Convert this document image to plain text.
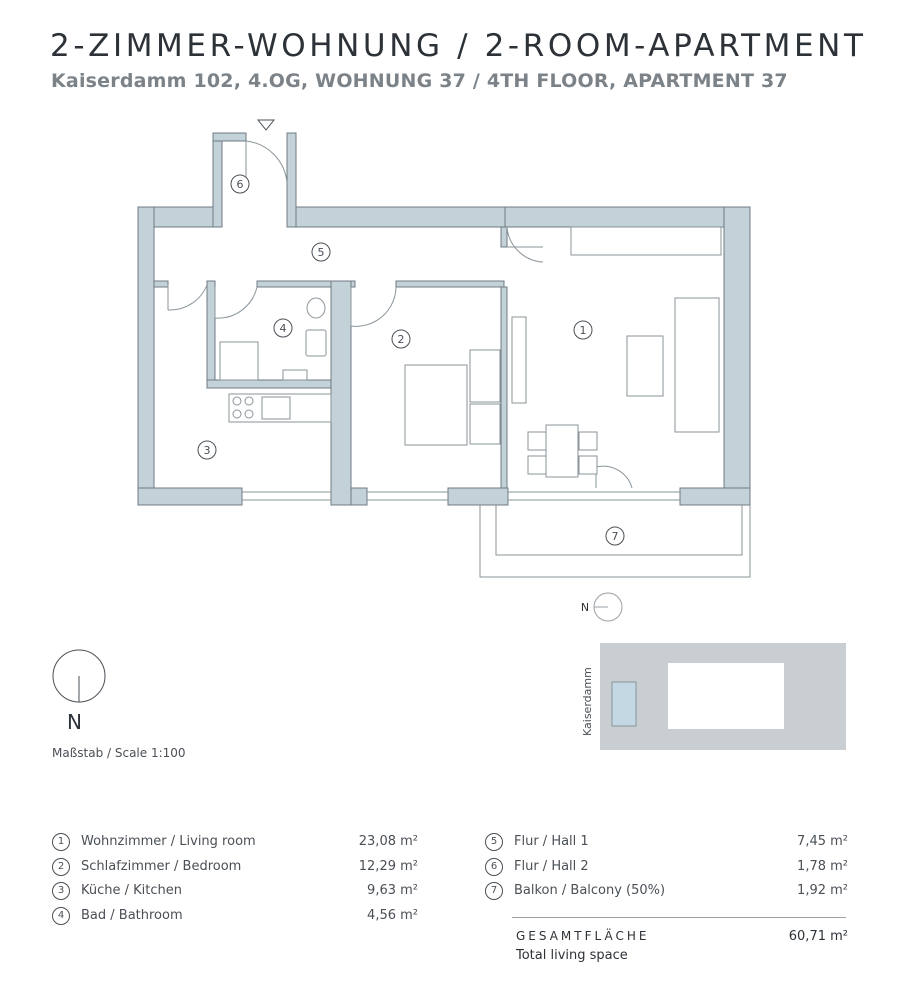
2-ZIMMER-WOHNUNG / 2-ROOM-APARTMENT
Kaiserdamm 102, 4.OG, WOHNUNG 37 / 4TH FLOOR, APARTMENT 37
1
2
3
4
5
6
7
N
Kaiserdamm
N
Maßstab / Scale 1:100
1	Wohnzimmer / Living room	23,08 m²
2	Schlafzimmer / Bedroom	12,29 m²
3	Küche / Kitchen	9,63 m²
4	Bad / Bathroom	4,56 m²
5	Flur / Hall 1	7,45 m²
6	Flur / Hall 2	1,78 m²
7	Balkon / Balcony (50%)	1,92 m²
GESAMTFLÄCHE
Total living space
60,71 m²
